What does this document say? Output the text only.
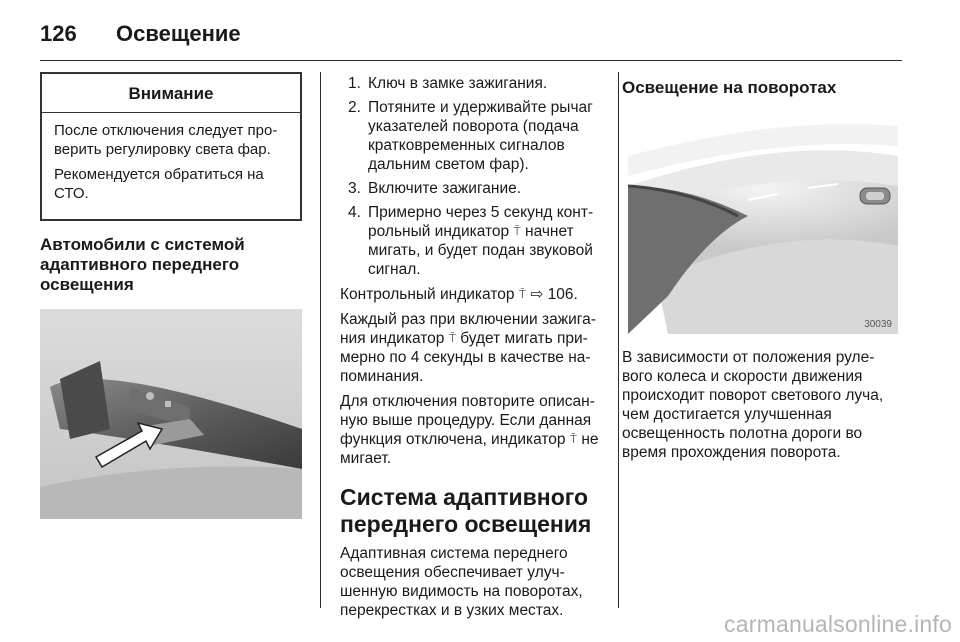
126	Освещение
Внимание

После отключения следует про-верить регулировку света фар.

Рекомендуется обратиться на СТО.

Автомобили с системой адаптивного переднего освещения
1. Ключ в замке зажигания.
2. Потяните и удерживайте рычаг указателей поворота (подача кратковременных сигналов дальним светом фар).
3. Включите зажигание.
4. Примерно через 5 секунд конт-рольный индикатор ⍑ начнет мигать, и будет подан звуковой сигнал.

Контрольный индикатор ⍑ ⇨ 106.

Каждый раз при включении зажига-ния индикатор ⍑ будет мигать при-мерно по 4 секунды в качестве на-поминания.

Для отключения повторите описан-ную выше процедуру. Если данная функция отключена, индикатор ⍑ не мигает.

Система адаптивного переднего освещения

Адаптивная система переднего освещения обеспечивает улуч-шенную видимость на поворотах, перекрестках и в узких местах.

Освещение на поворотах
30039

В зависимости от положения руле-вого колеса и скорости движения происходит поворот светового луча, чем достигается улучшенная освещенность полотна дороги во время прохождения поворота.

carmanualsonline.info
